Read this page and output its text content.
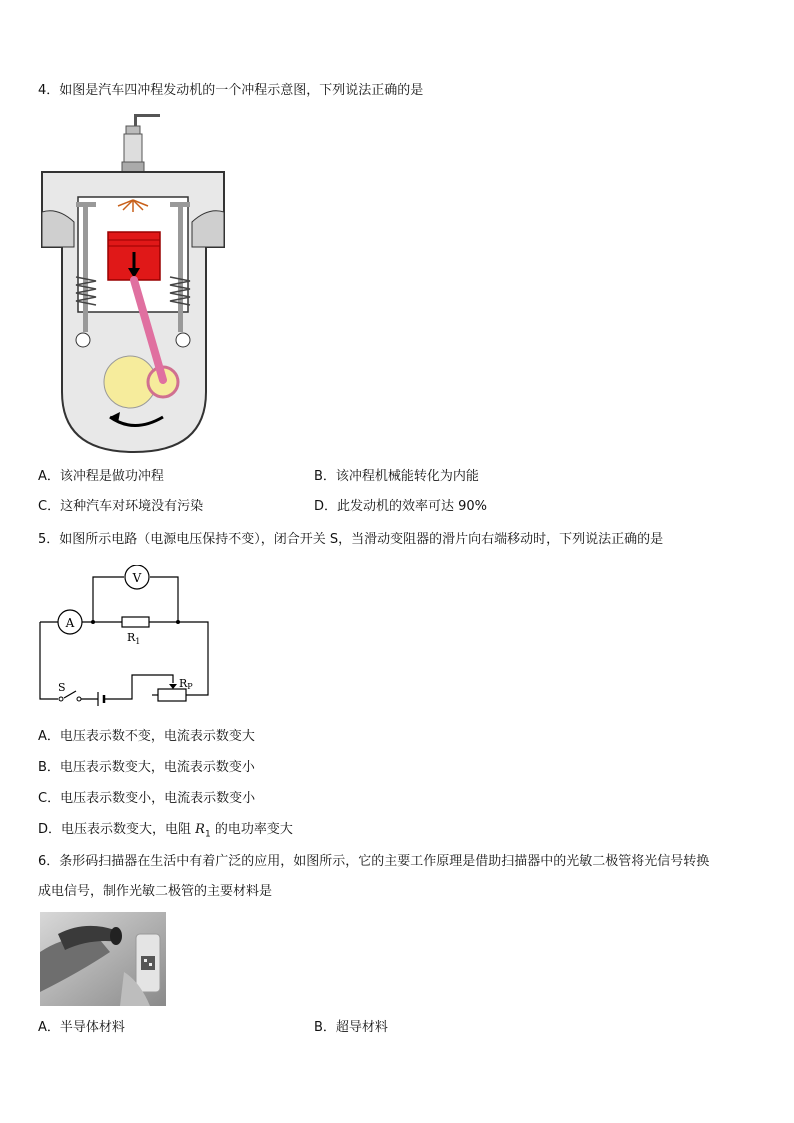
4．如图是汽车四冲程发动机的一个冲程示意图，下列说法正确的是
A．该冲程是做功冲程	B．该冲程机械能转化为内能
C．这种汽车对环境没有污染	D．此发动机的效率可达 90%
5．如图所示电路（电源电压保持不变），闭合开关 S，当滑动变阻器的滑片向右端移动时，下列说法正确的是
V
A
$R_1$
S	RP
A．电压表示数不变，电流表示数变大
B．电压表示数变大，电流表示数变小
C．电压表示数变小，电流表示数变小
D．电压表示数变大，电阻 $R_1$ 的电功率变大
6．条形码扫描器在生活中有着广泛的应用，如图所示，它的主要工作原理是借助扫描器中的光敏二极管将光信号转换
成电信号，制作光敏二极管的主要材料是
A．半导体材料	B．超导材料
